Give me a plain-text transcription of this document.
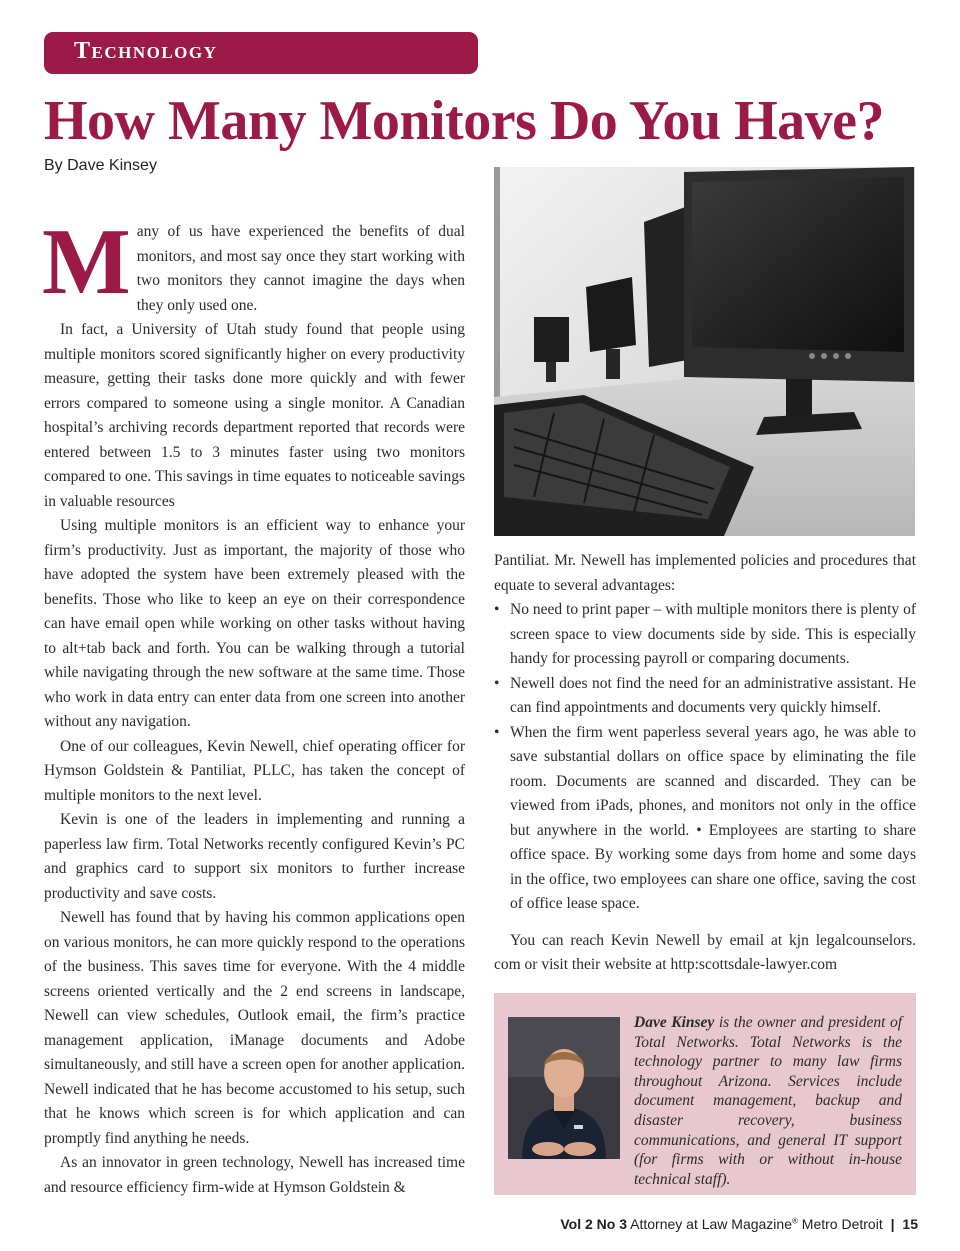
Technology
How Many Monitors Do You Have?
By Dave Kinsey

Many of us have experienced the benefits of dual monitors, and most say once they start working with two monitors they cannot imagine the days when they only used one.

In fact, a University of Utah study found that people using multiple monitors scored significantly higher on every productivity measure, getting their tasks done more quickly and with fewer errors compared to someone using a single monitor. A Canadian hospital’s archiving records department reported that records were entered between 1.5 to 3 minutes faster using two monitors compared to one. This savings in time equates to noticeable savings in valuable resources

Using multiple monitors is an efficient way to enhance your firm’s productivity. Just as important, the majority of those who have adopted the system have been extremely pleased with the benefits. Those who like to keep an eye on their correspondence can have email open while working on other tasks without having to alt+tab back and forth. You can be walking through a tutorial while navigating through the new software at the same time. Those who work in data entry can enter data from one screen into another without any navigation.

One of our colleagues, Kevin Newell, chief operating officer for Hymson Goldstein & Pantiliat, PLLC, has taken the concept of multiple monitors to the next level.

Kevin is one of the leaders in implementing and running a paperless law firm. Total Networks recently configured Kevin’s PC and graphics card to support six monitors to further increase productivity and save costs.

Newell has found that by having his common applications open on various monitors, he can more quickly respond to the operations of the business. This saves time for everyone. With the 4 middle screens oriented vertically and the 2 end screens in landscape, Newell can view schedules, Outlook email, the firm’s practice management application, iManage documents and Adobe simultaneously, and still have a screen open for another application. Newell indicated that he has become accustomed to his setup, such that he knows which screen is for which application and can promptly find anything he needs.

As an innovator in green technology, Newell has increased time and resource efficiency firm-wide at Hymson Goldstein &

Pantiliat. Mr. Newell has implemented policies and procedures that equate to several advantages:

• No need to print paper – with multiple monitors there is plenty of screen space to view documents side by side. This is especially handy for processing payroll or comparing documents.
• Newell does not find the need for an administrative assistant. He can find appointments and documents very quickly himself.
• When the firm went paperless several years ago, he was able to save substantial dollars on office space by eliminating the file room. Documents are scanned and discarded. They can be viewed from iPads, phones, and monitors not only in the office but anywhere in the world. • Employees are starting to share office space. By working some days from home and some days in the office, two employees can share one office, saving the cost of office lease space.

You can reach Kevin Newell by email at kjn legalcounselors. com or visit their website at http:scottsdale-lawyer.com

Dave Kinsey is the owner and president of Total Networks. Total Networks is the technology partner to many law firms throughout Arizona. Services include document management, backup and disaster recovery, business communications, and general IT support (for firms with or without in-house technical staff).
Vol 2 No 3 Attorney at Law Magazine® Metro Detroit | 15
